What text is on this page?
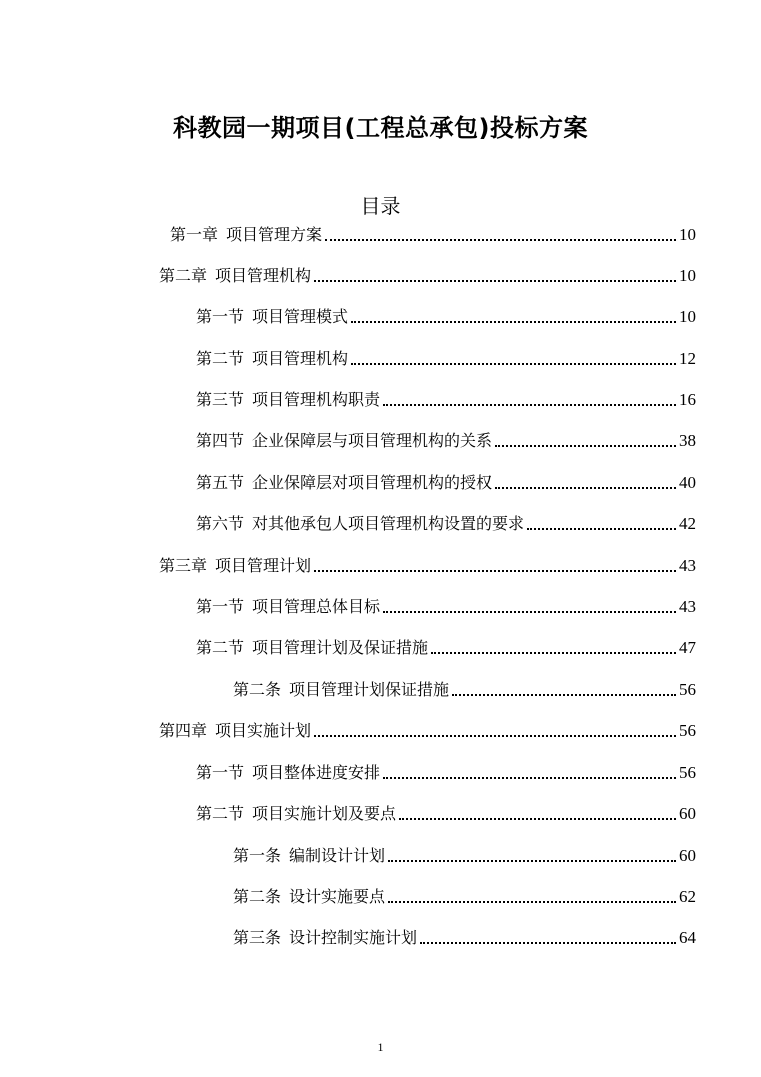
科教园一期项目(工程总承包)投标方案
目录
第一章 项目管理方案	10
第二章 项目管理机构	10
第一节 项目管理模式	10
第二节 项目管理机构	12
第三节 项目管理机构职责	16
第四节 企业保障层与项目管理机构的关系	38
第五节 企业保障层对项目管理机构的授权	40
第六节 对其他承包人项目管理机构设置的要求	42
第三章 项目管理计划	43
第一节 项目管理总体目标	43
第二节 项目管理计划及保证措施	47
第二条 项目管理计划保证措施	56
第四章 项目实施计划	56
第一节 项目整体进度安排	56
第二节 项目实施计划及要点	60
第一条 编制设计计划	60
第二条 设计实施要点	62
第三条 设计控制实施计划	64
1
